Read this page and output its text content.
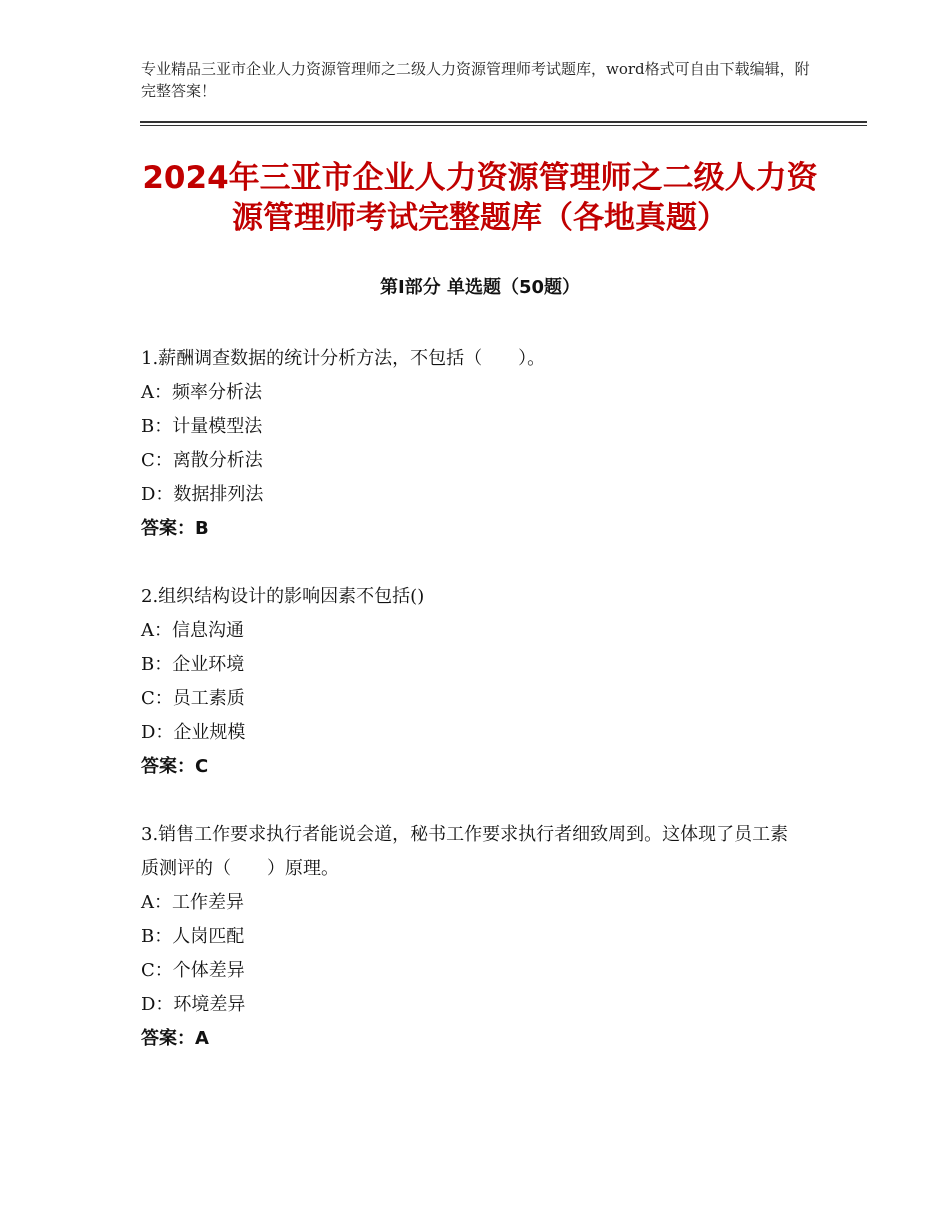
专业精品三亚市企业人力资源管理师之二级人力资源管理师考试题库，word格式可自由下载编辑，附完整答案！
2024年三亚市企业人力资源管理师之二级人力资源管理师考试完整题库（各地真题）
第Ⅰ部分 单选题（50题）
1.薪酬调查数据的统计分析方法，不包括（　　）。
A：频率分析法
B：计量模型法
C：离散分析法
D：数据排列法
答案：B
2.组织结构设计的影响因素不包括()
A：信息沟通
B：企业环境
C：员工素质
D：企业规模
答案：C
3.销售工作要求执行者能说会道，秘书工作要求执行者细致周到。这体现了员工素质测评的（　　）原理。
A：工作差异
B：人岗匹配
C：个体差异
D：环境差异
答案：A
